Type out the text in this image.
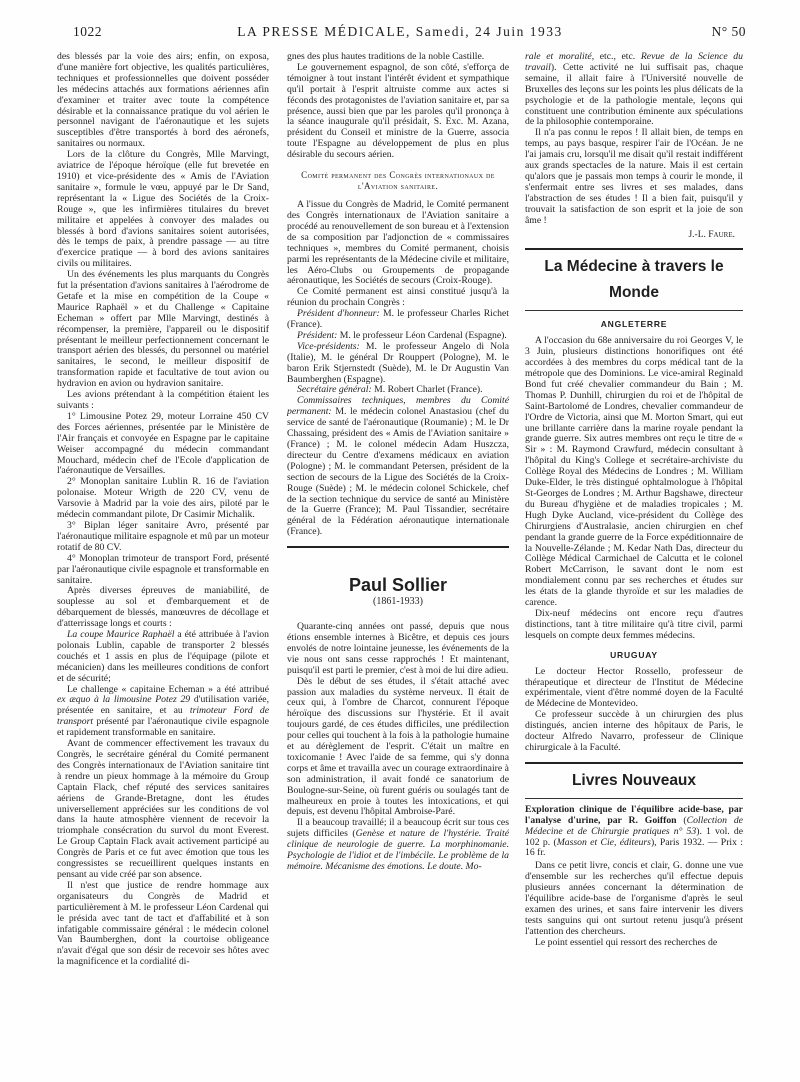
1022	LA PRESSE MÉDICALE, Samedi, 24 Juin 1933	N° 50

des blessés par la voie des airs; enfin, on exposa, d'une manière fort objective, les qualités particulières, techniques et professionnelles que doivent posséder les médecins attachés aux formations aériennes afin d'examiner et traiter avec toute la compétence désirable et la connaissance pratique du vol aérien le personnel navigant de l'aéronautique et les sujets susceptibles d'être transportés à bord des aéronefs, sanitaires ou normaux.

Lors de la clôture du Congrès, Mlle Marvingt, aviatrice de l'époque héroïque (elle fut brevetée en 1910) et vice-présidente des « Amis de l'Aviation sanitaire », formule le vœu, appuyé par le Dr Sand, représentant la « Ligue des Sociétés de la Croix-Rouge », que les infirmières titulaires du brevet militaire et appelées à convoyer des malades ou blessés à bord d'avions sanitaires soient autorisées, dès le temps de paix, à prendre passage — au titre d'exercice pratique — à bord des avions sanitaires civils ou militaires.

Un des événements les plus marquants du Congrès fut la présentation d'avions sanitaires à l'aérodrome de Getafe et la mise en compétition de la Coupe « Maurice Raphaël » et du Challenge « Capitaine Echeman » offert par Mlle Marvingt, destinés à récompenser, la première, l'appareil ou le dispositif présentant le meilleur perfectionnement concernant le transport aérien des blessés, du personnel ou matériel sanitaires, le second, le meilleur dispositif de transformation rapide et facultative de tout avion ou hydravion en avion ou hydravion sanitaire.

Les avions prétendant à la compétition étaient les suivants :

1° Limousine Potez 29, moteur Lorraine 450 CV des Forces aériennes, présentée par le Ministère de l'Air français et convoyée en Espagne par le capitaine Weiser accompagné du médecin commandant Mouchard, médecin chef de l'Ecole d'application de l'aéronautique de Versailles.

2° Monoplan sanitaire Lublin R. 16 de l'aviation polonaise. Moteur Wrigth de 220 CV, venu de Varsovie à Madrid par la voie des airs, piloté par le médecin commandant pilote, Dr Casimir Michalik.

3° Biplan léger sanitaire Avro, présenté par l'aéronautique militaire espagnole et mû par un moteur rotatif de 80 CV.

4° Monoplan trimoteur de transport Ford, présenté par l'aéronautique civile espagnole et transformable en sanitaire.

Après diverses épreuves de maniabilité, de souplesse au sol et d'embarquement et de débarquement de blessés, manœuvres de décollage et d'atterrissage longs et courts :

La coupe Maurice Raphaël a été attribuée à l'avion polonais Lublin, capable de transporter 2 blessés couchés et 1 assis en plus de l'équipage (pilote et mécanicien) dans les meilleures conditions de confort et de sécurité;

Le challenge « capitaine Echeman » a été attribué ex æquo à la limousine Potez 29 d'utilisation variée, présentée en sanitaire, et au trimoteur Ford de transport présenté par l'aéronautique civile espagnole et rapidement transformable en sanitaire.

Avant de commencer effectivement les travaux du Congrès, le secrétaire général du Comité permanent des Congrès internationaux de l'Aviation sanitaire tint à rendre un pieux hommage à la mémoire du Group Captain Flack, chef réputé des services sanitaires aériens de Grande-Bretagne, dont les études universellement appréciées sur les conditions de vol dans la haute atmosphère viennent de recevoir la triomphale consécration du survol du mont Everest. Le Group Captain Flack avait activement participé au Congrès de Paris et ce fut avec émotion que tous les congressistes se recueillirent quelques instants en pensant au vide créé par son absence.

Il n'est que justice de rendre hommage aux organisateurs du Congrès de Madrid et particulièrement à M. le professeur Léon Cardenal qui le présida avec tant de tact et d'affabilité et à son infatigable commissaire général : le médecin colonel Van Baumberghen, dont la courtoise obligeance n'avait d'égal que son désir de recevoir ses hôtes avec la magnificence et la cordialité di-

gnes des plus hautes traditions de la noble Castille.

Le gouvernement espagnol, de son côté, s'efforça de témoigner à tout instant l'intérêt évident et sympathique qu'il portait à l'esprit altruiste comme aux actes si féconds des protagonistes de l'aviation sanitaire et, par sa présence, aussi bien que par les paroles qu'il prononça à la séance inaugurale qu'il présidait, S. Exc. M. Azana, président du Conseil et ministre de la Guerre, associa toute l'Espagne au développement de plus en plus désirable du secours aérien.

Comité permanent des Congrès internationaux de l'Aviation sanitaire.

A l'issue du Congrès de Madrid, le Comité permanent des Congrès internationaux de l'Aviation sanitaire a procédé au renouvellement de son bureau et à l'extension de sa composition par l'adjonction de « commissaires techniques », membres du Comité permanent, choisis parmi les représentants de la Médecine civile et militaire, les Aéro-Clubs ou Groupements de propagande aéronautique, les Sociétés de secours (Croix-Rouge).

Ce Comité permanent est ainsi constitué jusqu'à la réunion du prochain Congrès :

Président d'honneur: M. le professeur Charles Richet (France).

Président: M. le professeur Léon Cardenal (Espagne).

Vice-présidents: M. le professeur Angelo di Nola (Italie), M. le général Dr Rouppert (Pologne), M. le baron Erik Stjernstedt (Suède), M. le Dr Augustin Van Baumberghen (Espagne).

Secrétaire général: M. Robert Charlet (France).

Commissaires techniques, membres du Comité permanent: M. le médecin colonel Anastasiou (chef du service de santé de l'aéronautique (Roumanie) ; M. le Dr Chassaing, président des « Amis de l'Aviation sanitaire » (France) ; M. le colonel médecin Adam Huszcza, directeur du Centre d'examens médicaux en aviation (Pologne) ; M. le commandant Petersen, président de la section de secours de la Ligue des Sociétés de la Croix-Rouge (Suède) ; M. le médecin colonel Schickele, chef de la section technique du service de santé au Ministère de la Guerre (France); M. Paul Tissandier, secrétaire général de la Fédération aéronautique internationale (France).

Paul Sollier
(1861-1933)

Quarante-cinq années ont passé, depuis que nous étions ensemble internes à Bicêtre, et depuis ces jours envolés de notre lointaine jeunesse, les événements de la vie nous ont sans cesse rapprochés ! Et maintenant, puisqu'il est parti le premier, c'est à moi de lui dire adieu.

Dès le début de ses études, il s'était attaché avec passion aux maladies du système nerveux. Il était de ceux qui, à l'ombre de Charcot, connurent l'époque héroïque des discussions sur l'hystérie. Et il avait toujours gardé, de ces études difficiles, une prédilection pour celles qui touchent à la fois à la pathologie humaine et au dérèglement de l'esprit. C'était un maître en toxicomanie ! Avec l'aide de sa femme, qui s'y donna corps et âme et travailla avec un courage extraordinaire à son administration, il avait fondé ce sanatorium de Boulogne-sur-Seine, où furent guéris ou soulagés tant de malheureux en proie à toutes les intoxications, et qui depuis, est devenu l'hôpital Ambroise-Paré.

Il a beaucoup travaillé; il a beaucoup écrit sur tous ces sujets difficiles (Genèse et nature de l'hystérie. Traité clinique de neurologie de guerre. La morphinomanie. Psychologie de l'idiot et de l'imbécile. Le problème de la mémoire. Mécanisme des émotions. Le doute. Mo-

rale et moralité, etc., etc. Revue de la Science du travail). Cette activité ne lui suffisait pas, chaque semaine, il allait faire à l'Université nouvelle de Bruxelles des leçons sur les points les plus délicats de la psychologie et de la pathologie mentale, leçons qui constituent une contribution éminente aux spéculations de la philosophie contemporaine.

Il n'a pas connu le repos ! Il allait bien, de temps en temps, au pays basque, respirer l'air de l'Océan. Je ne l'ai jamais cru, lorsqu'il me disait qu'il restait indifférent aux grands spectacles de la nature. Mais il est certain qu'alors que je passais mon temps à courir le monde, il s'enfermait entre ses livres et ses malades, dans l'abstraction de ses études ! Il a bien fait, puisqu'il y trouvait la satisfaction de son esprit et la joie de son âme !

J.-L. Faure.
La Médecine à travers le Monde
ANGLETERRE

A l'occasion du 68e anniversaire du roi Georges V, le 3 Juin, plusieurs distinctions honorifiques ont été accordées à des membres du corps médical tant de la métropole que des Dominions. Le vice-amiral Reginald Bond fut créé chevalier commandeur du Bain ; M. Thomas P. Dunhill, chirurgien du roi et de l'hôpital de Saint-Bartolomé de Londres, chevalier commandeur de l'Ordre de Victoria, ainsi que M. Morton Smart, qui eut une brillante carrière dans la marine royale pendant la grande guerre. Six autres membres ont reçu le titre de « Sir » : M. Raymond Crawfurd, médecin consultant à l'hôpital du King's College et secrétaire-archiviste du Collège Royal des Médecins de Londres ; M. William Duke-Elder, le très distingué ophtalmologue à l'hôpital St-Georges de Londres ; M. Arthur Bagshawe, directeur du Bureau d'hygiène et de maladies tropicales ; M. Hugh Dyke Aucland, vice-président du Collège des Chirurgiens d'Australasie, ancien chirurgien en chef pendant la grande guerre de la Force expéditionnaire de la Nouvelle-Zélande ; M. Kedar Nath Das, directeur du Collège Médical Carmichael de Calcutta et le colonel Robert McCarrison, le savant dont le nom est mondialement connu par ses recherches et études sur les états de la glande thyroïde et sur les maladies de carence.

Dix-neuf médecins ont encore reçu d'autres distinctions, tant à titre militaire qu'à titre civil, parmi lesquels on compte deux femmes médecins.

URUGUAY

Le docteur Hector Rossello, professeur de thérapeutique et directeur de l'Institut de Médecine expérimentale, vient d'être nommé doyen de la Faculté de Médecine de Montevideo.

Ce professeur succède à un chirurgien des plus distingués, ancien interne des hôpitaux de Paris, le docteur Alfredo Navarro, professeur de Clinique chirurgicale à la Faculté.

Livres Nouveaux

Exploration clinique de l'équilibre acide-base, par l'analyse d'urine, par R. Goiffon (Collection de Médecine et de Chirurgie pratiques n° 53). 1 vol. de 102 p. (Masson et Cie, éditeurs), Paris 1932. — Prix : 16 fr.

Dans ce petit livre, concis et clair, G. donne une vue d'ensemble sur les recherches qu'il effectue depuis plusieurs années concernant la détermination de l'équilibre acide-base de l'organisme d'après le seul examen des urines, et sans faire intervenir les divers tests sanguins qui ont surtout retenu jusqu'à présent l'attention des chercheurs.

Le point essentiel qui ressort des recherches de
